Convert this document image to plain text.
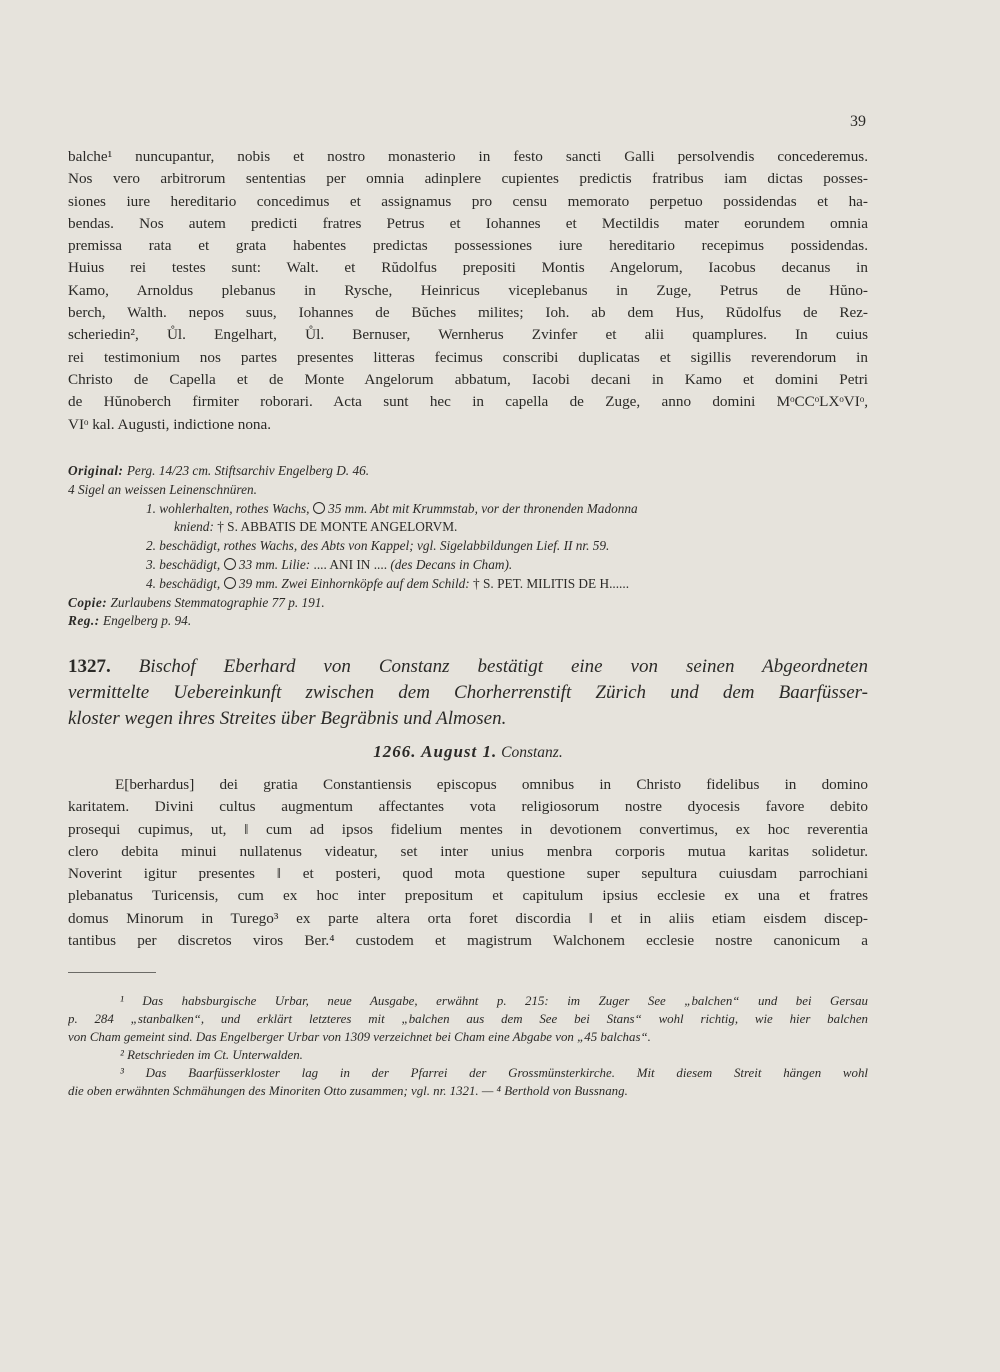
39
balche¹ nuncupantur, nobis et nostro monasterio in festo sancti Galli persolvendis concederemus.
Nos vero arbitrorum sententias per omnia adinplere cupientes predictis fratribus iam dictas posses-
siones iure hereditario concedimus et assignamus pro censu memorato perpetuo possidendas et ha-
bendas. Nos autem predicti fratres Petrus et Iohannes et Mectildis mater eorundem omnia
premissa rata et grata habentes predictas possessiones iure hereditario recepimus possidendas.
Huius rei testes sunt: Walt. et Rŭdolfus prepositi Montis Angelorum, Iacobus decanus in
Kamo, Arnoldus plebanus in Rysche, Heinricus viceplebanus in Zuge, Petrus de Hŭno-
berch, Walth. nepos suus, Iohannes de Bŭches milites; Ioh. ab dem Hus, Rŭdolfus de Rez-
scheriedin², Ůl. Engelhart, Ůl. Bernuser, Wernherus Zvinfer et alii quamplures. In cuius
rei testimonium nos partes presentes litteras fecimus conscribi duplicatas et sigillis reverendorum in
Christo de Capella et de Monte Angelorum abbatum, Iacobi decani in Kamo et domini Petri
de Hŭnoberch firmiter roborari. Acta sunt hec in capella de Zuge, anno domini MᵒCCᵒLXᵒVIᵒ,
VIᵒ kal. Augusti, indictione nona.
Original: Perg. 14/23 cm. Stiftsarchiv Engelberg D. 46.
4 Sigel an weissen Leinenschnüren.
1. wohlerhalten, rothes Wachs, 35 mm. Abt mit Krummstab, vor der thronenden Madonna
kniend: † S. ABBATIS DE MONTE ANGELORVM.
2. beschädigt, rothes Wachs, des Abts von Kappel; vgl. Sigelabbildungen Lief. II nr. 59.
3. beschädigt, 33 mm. Lilie: .... ANI IN .... (des Decans in Cham).
4. beschädigt, 39 mm. Zwei Einhornköpfe auf dem Schild: † S. PET. MILITIS DE H......
Copie: Zurlaubens Stemmatographie 77 p. 191.
Reg.: Engelberg p. 94.
1327. Bischof Eberhard von Constanz bestätigt eine von seinen Abgeordneten
vermittelte Uebereinkunft zwischen dem Chorherrenstift Zürich und dem Baarfüsser-
kloster wegen ihres Streites über Begräbnis und Almosen.
1266. August 1. Constanz.
E[berhardus] dei gratia Constantiensis episcopus omnibus in Christo fidelibus in domino
karitatem. Divini cultus augmentum affectantes vota religiosorum nostre dyocesis favore debito
prosequi cupimus, ut, ‖ cum ad ipsos fidelium mentes in devotionem convertimus, ex hoc reverentia
clero debita minui nullatenus videatur, set inter unius menbra corporis mutua karitas solidetur.
Noverint igitur presentes ‖ et posteri, quod mota questione super sepultura cuiusdam parrochiani
plebanatus Turicensis, cum ex hoc inter prepositum et capitulum ipsius ecclesie ex una et fratres
domus Minorum in Turego³ ex parte altera orta foret discordia ‖ et in aliis etiam eisdem discep-
tantibus per discretos viros Ber.⁴ custodem et magistrum Walchonem ecclesie nostre canonicum a
¹ Das habsburgische Urbar, neue Ausgabe, erwähnt p. 215: im Zuger See „balchen“ und bei Gersau
p. 284 „stanbalken“, und erklärt letzteres mit „balchen aus dem See bei Stans“ wohl richtig, wie hier balchen
von Cham gemeint sind. Das Engelberger Urbar von 1309 verzeichnet bei Cham eine Abgabe von „45 balchas“.
² Retschrieden im Ct. Unterwalden.
³ Das Baarfüsserkloster lag in der Pfarrei der Grossmünsterkirche. Mit diesem Streit hängen wohl
die oben erwähnten Schmähungen des Minoriten Otto zusammen; vgl. nr. 1321. — ⁴ Berthold von Bussnang.
